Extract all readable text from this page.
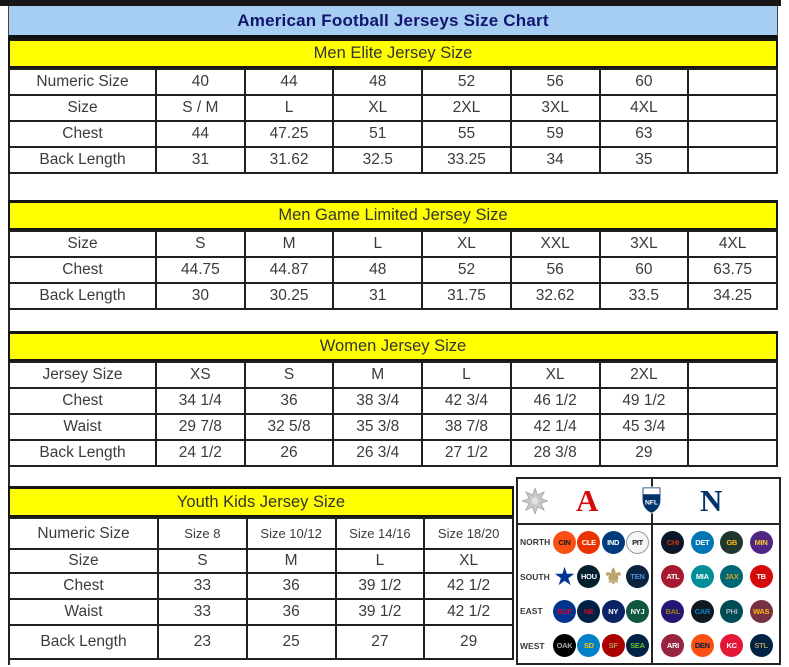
American Football Jerseys Size Chart
Men Elite Jersey Size
Numeric Size	40	44	48	52	56	60	
Size	S / M	L	XL	2XL	3XL	4XL	
Chest	44	47.25	51	55	59	63	
Back Length	31	31.62	32.5	33.25	34	35	
Men Game Limited Jersey Size
Size	S	M	L	XL	XXL	3XL	4XL
Chest	44.75	44.87	48	52	56	60	63.75
Back Length	30	30.25	31	31.75	32.62	33.5	34.25
Women Jersey Size
Jersey Size	XS	S	M	L	XL	2XL	
Chest	34 1/4	36	38 3/4	42 3/4	46 1/2	49 1/2	
Waist	29 7/8	32 5/8	35 3/8	38 7/8	42 1/4	45 3/4	
Back Length	24 1/2	26	26 3/4	27 1/2	28 3/8	29	
Youth Kids Jersey Size
Numeric Size	Size 8	Size 10/12	Size 14/16	Size 18/20
Size	S	M	L	XL
Chest	33	36	39 1/2	42 1/2
Waist	33	36	39 1/2	42 1/2
Back Length	23	25	27	29
A	NFL N
NORTH	CIN	CLE	IND	PIT	CHI	DET	GB	MIN
SOUTH ★ HOU ⚜	TEN	ATL	MIA	JAX	TB
EAST	BUF	NE	NY	NYJ	BAL	CAR	PHI	WAS
WEST	OAK	SD	SF	SEA	ARI	DEN	KC	STL
